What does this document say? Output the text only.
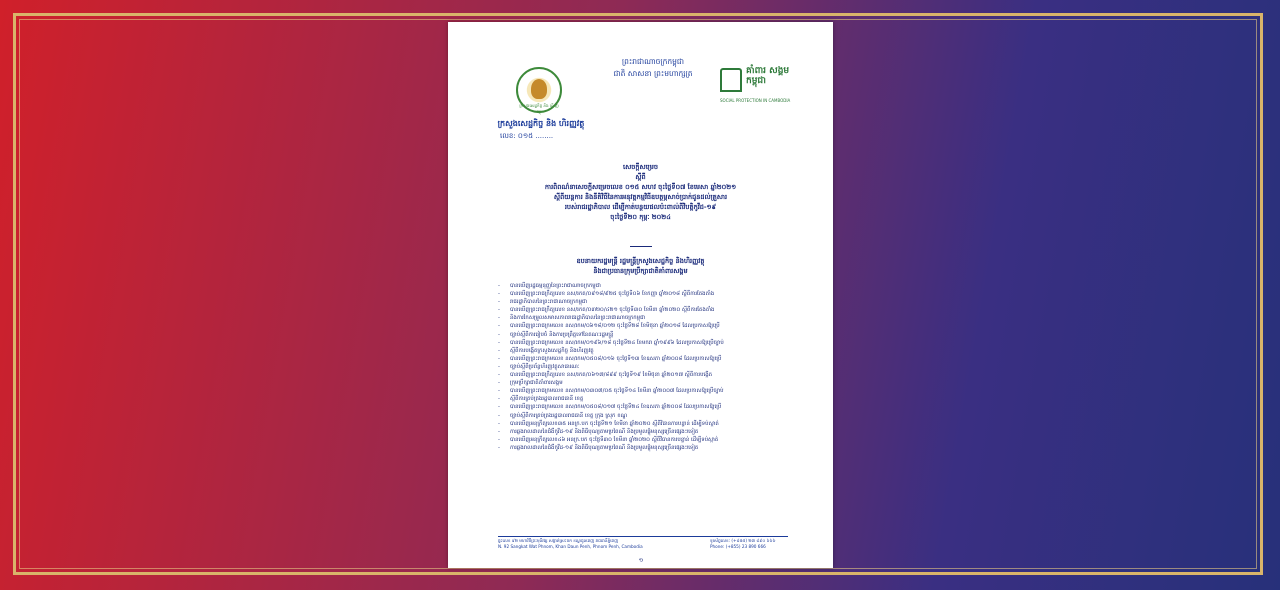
ក្រសួងសេដ្ឋកិច្ច និង ហិរញ្ញវត្ថុ
ក្រសួងសេដ្ឋកិច្ច និង ហិរញ្ញវត្ថុ
លេខ: ០១៥ ........
ព្រះរាជាណាចក្រកម្ពុជា
ជាតិ សាសនា ព្រះមហាក្សត្រ	គាំពារ សង្គម កម្ពុជា
SOCIAL PROTECTION IN CAMBODIA
សេចក្តីសម្រេច
ស្តីពី
ការពិពណ៌នាសេចក្តីសម្រេចលេខ ០១៥ សហវ ចុះថ្ងៃទី០៧ ខែមេសា ឆ្នាំ២០២១
ស្តីពីយន្តការ និងនីតិវិធីនៃការអនុវត្តកម្មវិធីឧបត្ថម្ភសាច់ប្រាក់ជូនដល់គ្រួសារ
របស់រាជរដ្ឋាភិបាល ដើម្បីកាត់បន្ថយផលប៉ះពាល់ពីវិបត្តិកូវីដ-១៩
ចុះថ្ងៃទី២០ កុម្ភៈ ២០២៤
ឧបនាយករដ្ឋមន្ត្រី រដ្ឋមន្ត្រីក្រសួងសេដ្ឋកិច្ច និងហិរញ្ញវត្ថុ
និងជាប្រធានក្រុមប្រឹក្សាជាតិគាំពារសង្គម
- បានឃើញរដ្ឋធម្មនុញ្ញនៃព្រះរាជាណាចក្រកម្ពុជា
- បានឃើញព្រះរាជក្រឹត្យលេខ នស/រកត/០៩១៨/៩២៥ ចុះថ្ងៃទី០៦ ខែកញ្ញា ឆ្នាំ២០១៨ ស្តីពីការតែងតាំង
- រាជរដ្ឋាភិបាលនៃព្រះរាជាណាចក្រកម្ពុជា
- បានឃើញព្រះរាជក្រឹត្យលេខ នស/រកត/០៣២០/៤២១ ចុះថ្ងៃទី៣០ ខែមីនា ឆ្នាំ២០២០ ស្តីពីការតែងតាំង
- និងការកែសម្រួលសមាសភាពរាជរដ្ឋាភិបាលនៃព្រះរាជាណាចក្រកម្ពុជា
- បានឃើញព្រះរាជក្រមលេខ នស/រកម/០៦១៨/០១២ ចុះថ្ងៃទី២៨ ខែមិថុនា ឆ្នាំ២០១៨ ដែលប្រកាសឱ្យប្រើ
- ច្បាប់ស្តីពីការរៀបចំ និងការប្រព្រឹត្តទៅនៃគណៈរដ្ឋមន្ត្រី
- បានឃើញព្រះរាជក្រមលេខ នស/រកម/០១៩៦/១៨ ចុះថ្ងៃទី២៤ ខែមករា ឆ្នាំ១៩៩៦ ដែលប្រកាសឱ្យប្រើច្បាប់
- ស្តីពីការបង្កើតក្រសួងសេដ្ឋកិច្ច និងហិរញ្ញវត្ថុ
- បានឃើញព្រះរាជក្រមលេខ នស/រកម/០៥០៨/០១៦ ចុះថ្ងៃទី១៣ ខែឧសភា ឆ្នាំ២០០៨ ដែលប្រកាសឱ្យប្រើ
- ច្បាប់ស្តីពីប្រព័ន្ធហិរញ្ញវត្ថុសាធារណៈ
- បានឃើញព្រះរាជក្រឹត្យលេខ នស/រកត/០៦១៧/៨៩៩ ចុះថ្ងៃទី១៩ ខែមិថុនា ឆ្នាំ២០១៧ ស្តីពីការបង្កើត
- ក្រុមប្រឹក្សាជាតិគាំពារសង្គម
- បានឃើញព្រះរាជក្រមលេខ នស/រកម/០៣០៧/០៥ ចុះថ្ងៃទី១៤ ខែមីនា ឆ្នាំ២០០៧ ដែលប្រកាសឱ្យប្រើច្បាប់
- ស្តីពីការគ្រប់គ្រងរដ្ឋបាលរាជធានី ខេត្ត
- បានឃើញព្រះរាជក្រមលេខ នស/រកម/០៥០៨/០១៧ ចុះថ្ងៃទី២៤ ខែឧសភា ឆ្នាំ២០០៨ ដែលប្រកាសឱ្យប្រើ
- ច្បាប់ស្តីពីការគ្រប់គ្រងរដ្ឋបាលរាជធានី ខេត្ត ក្រុង ស្រុក ខណ្ឌ
- បានឃើញអនុក្រឹត្យលេខ៣៥ អនក្រ.បក ចុះថ្ងៃទី២១ ខែមីនា ឆ្នាំ២០២០ ស្តីពីវិធានការបន្ទាន់ ដើម្បីទប់ស្កាត់
- ការឆ្លងរាលដាលនៃជំងឺកូវីដ-១៩ និងពិធីបុណ្យតាមប្រពៃណី និងប្រមូលផ្តុំមនុស្សច្រើនផ្សេងៗទៀត
- បានឃើញអនុក្រឹត្យលេខ៤៦ អនក្រ.បក ចុះថ្ងៃទី៣០ ខែមីនា ឆ្នាំ២០២០ ស្តីពីវិធានការបន្ទាន់ ដើម្បីទប់ស្កាត់
- ការឆ្លងរាលដាលនៃជំងឺកូវីដ-១៩ និងពិធីបុណ្យតាមប្រពៃណី និងប្រមូលផ្តុំមនុស្សច្រើនផ្សេងៗទៀត
ផ្ទះលេខ ៩២ មហាវិថីព្រះមុនីវង្ស សង្កាត់ស្រះចក ខណ្ឌដូនពេញ រាជធានីភ្នំពេញ
N. 92 Sangkat Wat Phnom, Khan Daun Penh, Phnom Penh, Cambodia
ទូរស័ព្ទលេខ: (+៨៥៥) ២៣ ៨៩០ ៦៦៦
Phone: (+855) 23 890 666
១
